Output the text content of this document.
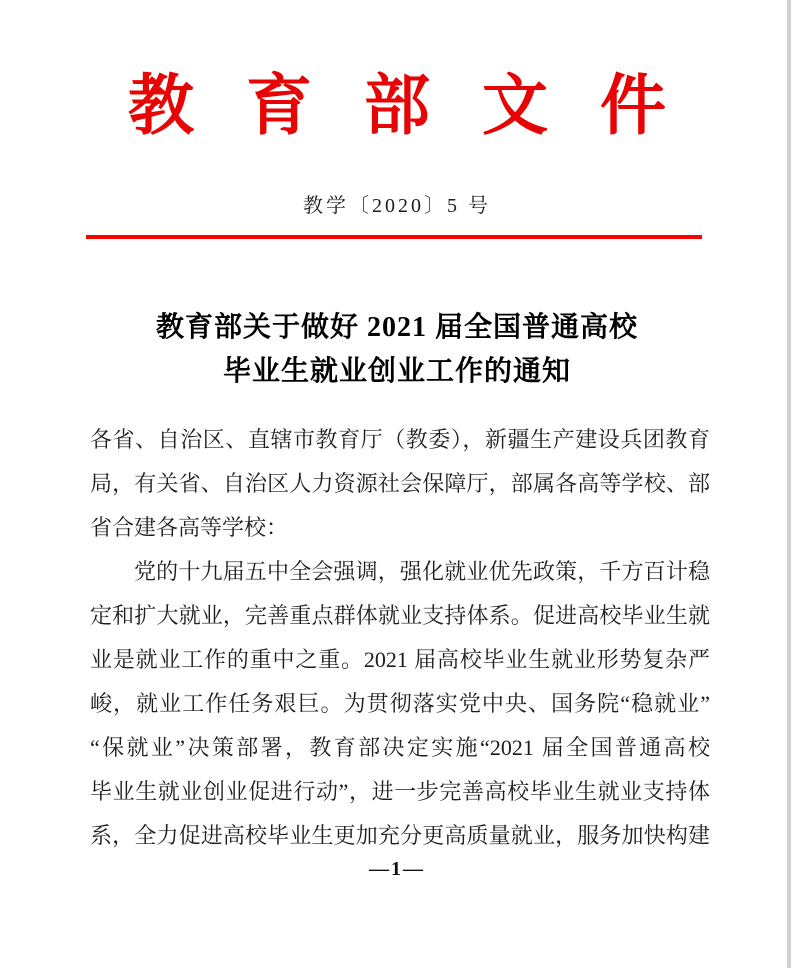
教育部文件
教学〔2020〕5 号
教育部关于做好 2021 届全国普通高校
毕业生就业创业工作的通知
各省、自治区、直辖市教育厅（教委），新疆生产建设兵团教育
局，有关省、自治区人力资源社会保障厅，部属各高等学校、部
省合建各高等学校：
党的十九届五中全会强调，强化就业优先政策，千方百计稳
定和扩大就业，完善重点群体就业支持体系。促进高校毕业生就
业是就业工作的重中之重。2021 届高校毕业生就业形势复杂严
峻，就业工作任务艰巨。为贯彻落实党中央、国务院“稳就业”
“保就业”决策部署，教育部决定实施“2021 届全国普通高校
毕业生就业创业促进行动”，进一步完善高校毕业生就业支持体
系，全力促进高校毕业生更加充分更高质量就业，服务加快构建
—1—
